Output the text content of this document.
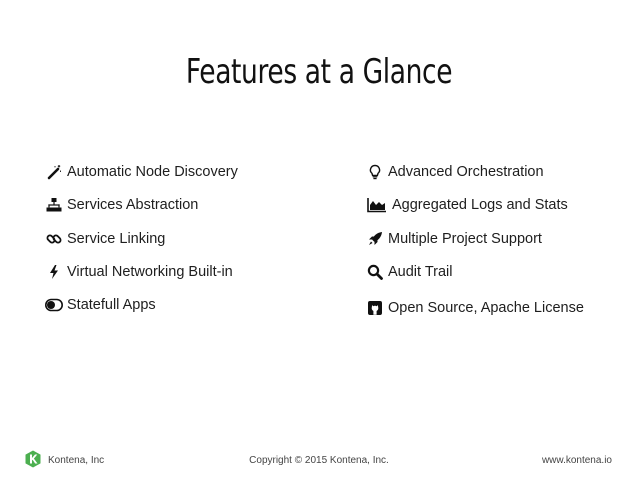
Features at a Glance
Automatic Node Discovery
Services Abstraction
Service Linking
Virtual Networking Built-in
Statefull Apps
Advanced Orchestration
Aggregated Logs and Stats
Multiple Project Support
Audit Trail
Open Source, Apache License
Kontena, Inc	Copyright © 2015 Kontena, Inc.	www.kontena.io
